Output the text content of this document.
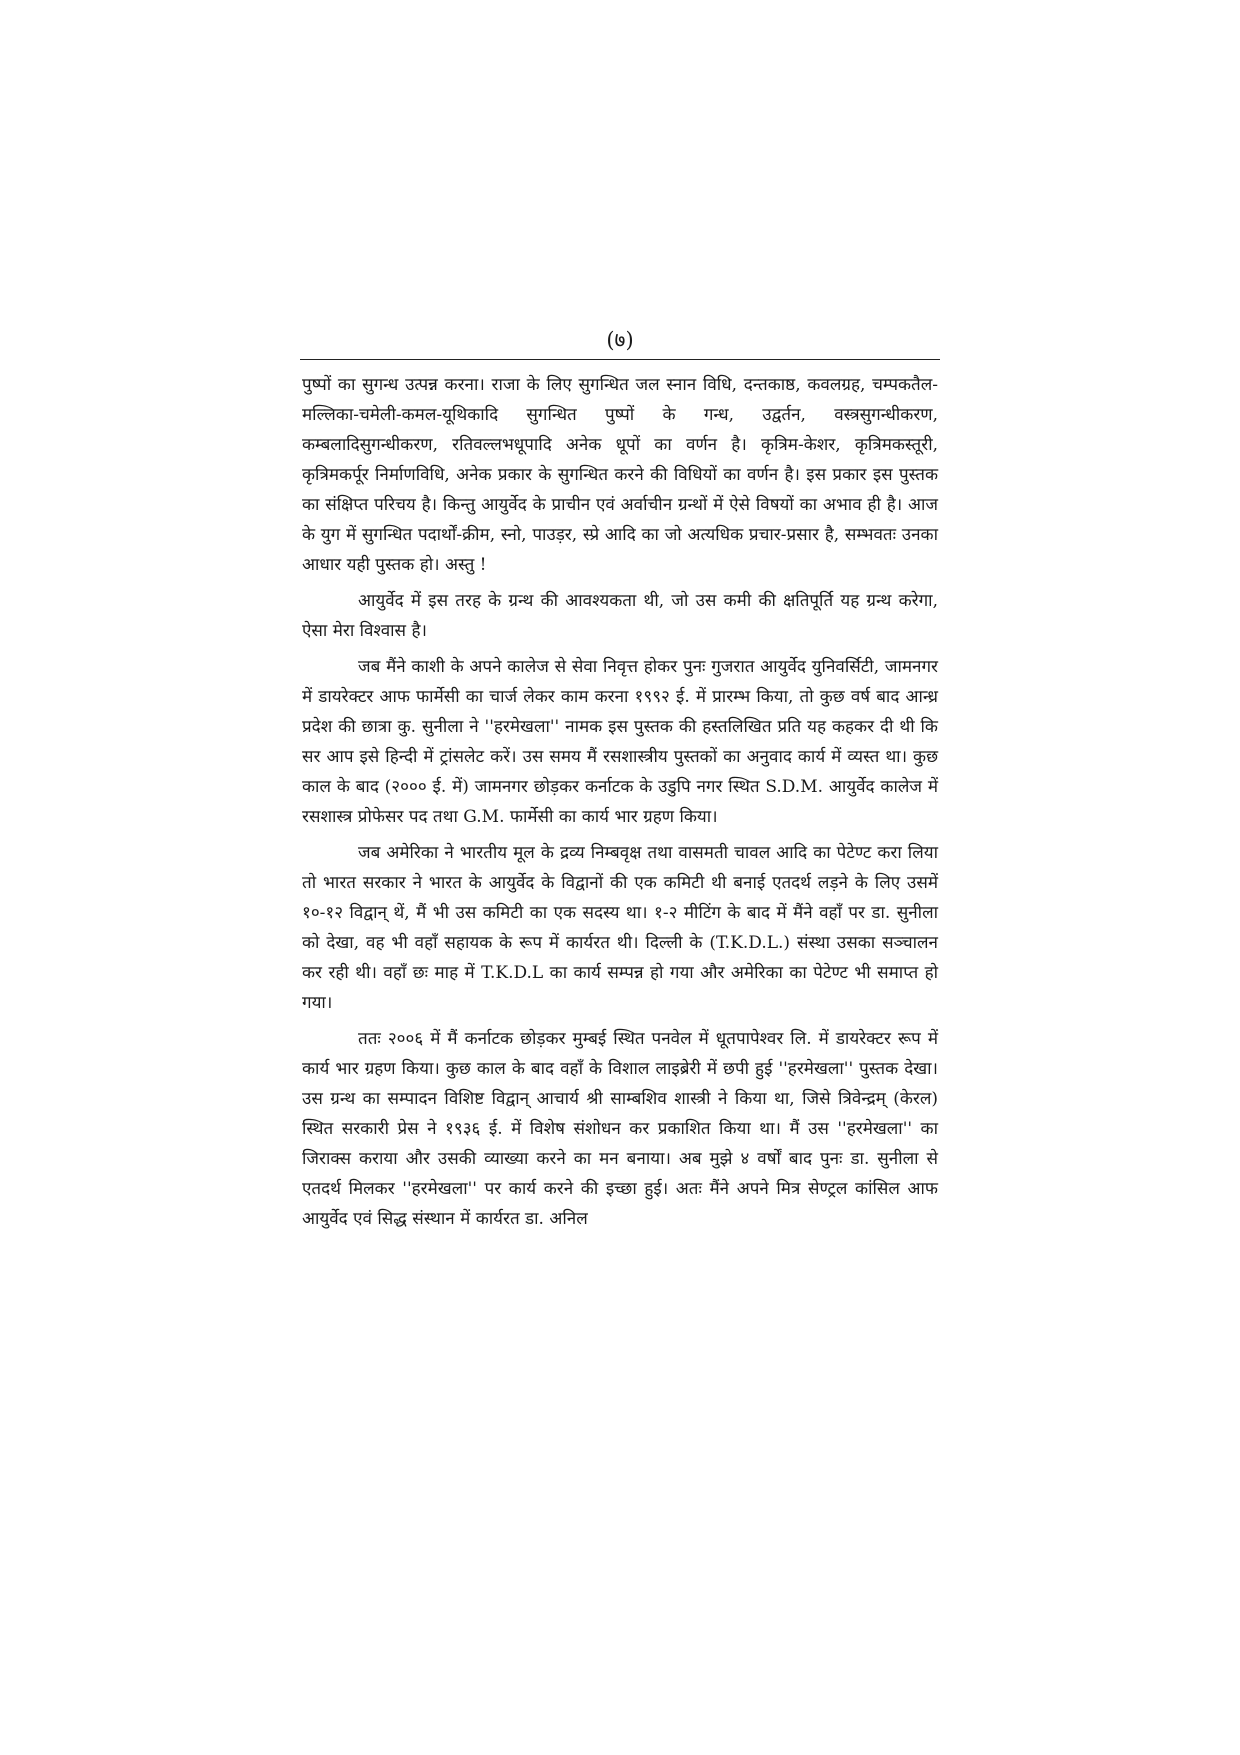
(७)

पुष्पों का सुगन्ध उत्पन्न करना। राजा के लिए सुगन्धित जल स्नान विधि, दन्तकाष्ठ, कवलग्रह, चम्पकतैल-मल्लिका-चमेली-कमल-यूथिकादि सुगन्धित पुष्पों के गन्ध, उद्वर्तन, वस्त्रसुगन्धीकरण, कम्बलादिसुगन्धीकरण, रतिवल्लभधूपादि अनेक धूपों का वर्णन है। कृत्रिम-केशर, कृत्रिमकस्तूरी, कृत्रिमकर्पूर निर्माणविधि, अनेक प्रकार के सुगन्धित करने की विधियों का वर्णन है। इस प्रकार इस पुस्तक का संक्षिप्त परिचय है। किन्तु आयुर्वेद के प्राचीन एवं अर्वाचीन ग्रन्थों में ऐसे विषयों का अभाव ही है। आज के युग में सुगन्धित पदार्थों-क्रीम, स्नो, पाउड़र, स्प्रे आदि का जो अत्यधिक प्रचार-प्रसार है, सम्भवतः उनका आधार यही पुस्तक हो। अस्तु !

आयुर्वेद में इस तरह के ग्रन्थ की आवश्यकता थी, जो उस कमी की क्षतिपूर्ति यह ग्रन्थ करेगा, ऐसा मेरा विश्वास है।

जब मैंने काशी के अपने कालेज से सेवा निवृत्त होकर पुनः गुजरात आयुर्वेद युनिवर्सिटी, जामनगर में डायरेक्टर आफ फार्मेसी का चार्ज लेकर काम करना १९९२ ई. में प्रारम्भ किया, तो कुछ वर्ष बाद आन्ध्र प्रदेश की छात्रा कु. सुनीला ने ''हरमेखला'' नामक इस पुस्तक की हस्तलिखित प्रति यह कहकर दी थी कि सर आप इसे हिन्दी में ट्रांसलेट करें। उस समय मैं रसशास्त्रीय पुस्तकों का अनुवाद कार्य में व्यस्त था। कुछ काल के बाद (२००० ई. में) जामनगर छोड़कर कर्नाटक के उडुपि नगर स्थित S.D.M. आयुर्वेद कालेज में रसशास्त्र प्रोफेसर पद तथा G.M. फार्मेसी का कार्य भार ग्रहण किया।

जब अमेरिका ने भारतीय मूल के द्रव्य निम्बवृक्ष तथा वासमती चावल आदि का पेटेण्ट करा लिया तो भारत सरकार ने भारत के आयुर्वेद के विद्वानों की एक कमिटी थी बनाई एतदर्थ लड़ने के लिए उसमें १०-१२ विद्वान् थें, मैं भी उस कमिटी का एक सदस्य था। १-२ मीटिंग के बाद में मैंने वहाँ पर डा. सुनीला को देखा, वह भी वहाँ सहायक के रूप में कार्यरत थी। दिल्ली के (T.K.D.L.) संस्था उसका सञ्चालन कर रही थी। वहाँ छः माह में T.K.D.L का कार्य सम्पन्न हो गया और अमेरिका का पेटेण्ट भी समाप्त हो गया।

ततः २००६ में मैं कर्नाटक छोड़कर मुम्बई स्थित पनवेल में धूतपापेश्वर लि. में डायरेक्टर रूप में कार्य भार ग्रहण किया। कुछ काल के बाद वहाँ के विशाल लाइब्रेरी में छपी हुई ''हरमेखला'' पुस्तक देखा। उस ग्रन्थ का सम्पादन विशिष्ट विद्वान् आचार्य श्री साम्बशिव शास्त्री ने किया था, जिसे त्रिवेन्द्रम् (केरल) स्थित सरकारी प्रेस ने १९३६ ई. में विशेष संशोधन कर प्रकाशित किया था। मैं उस ''हरमेखला'' का जिराक्स कराया और उसकी व्याख्या करने का मन बनाया। अब मुझे ४ वर्षों बाद पुनः डा. सुनीला से एतदर्थ मिलकर ''हरमेखला'' पर कार्य करने की इच्छा हुई। अतः मैंने अपने मित्र सेण्ट्रल कांसिल आफ आयुर्वेद एवं सिद्ध संस्थान में कार्यरत डा. अनिल
